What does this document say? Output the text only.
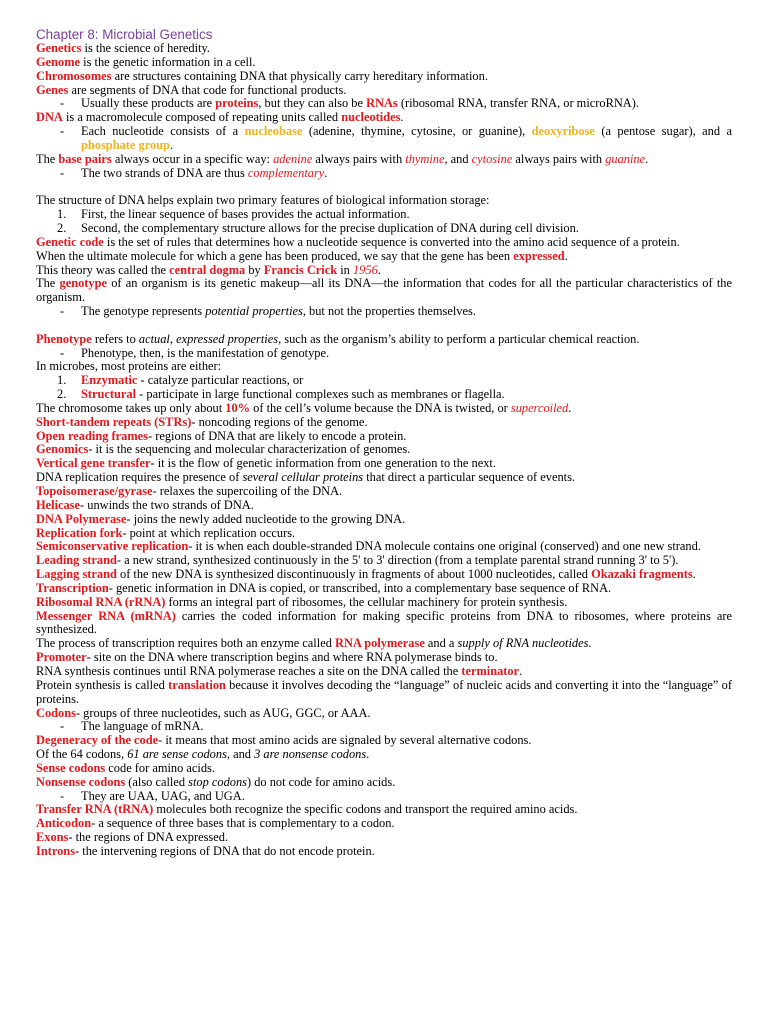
Chapter 8: Microbial Genetics
Genetics is the science of heredity.
Genome is the genetic information in a cell.
Chromosomes are structures containing DNA that physically carry hereditary information.
Genes are segments of DNA that code for functional products.
- Usually these products are proteins, but they can also be RNAs (ribosomal RNA, transfer RNA, or microRNA).
DNA is a macromolecule composed of repeating units called nucleotides.
- Each nucleotide consists of a nucleobase (adenine, thymine, cytosine, or guanine), deoxyribose (a pentose sugar), and a phosphate group.
The base pairs always occur in a specific way: adenine always pairs with thymine, and cytosine always pairs with guanine.
- The two strands of DNA are thus complementary.
The structure of DNA helps explain two primary features of biological information storage:
1. First, the linear sequence of bases provides the actual information.
2. Second, the complementary structure allows for the precise duplication of DNA during cell division.
Genetic code is the set of rules that determines how a nucleotide sequence is converted into the amino acid sequence of a protein.
When the ultimate molecule for which a gene has been produced, we say that the gene has been expressed.
This theory was called the central dogma by Francis Crick in 1956.
The genotype of an organism is its genetic makeup—all its DNA—the information that codes for all the particular characteristics of the organism.
- The genotype represents potential properties, but not the properties themselves.
Phenotype refers to actual, expressed properties, such as the organism’s ability to perform a particular chemical reaction.
- Phenotype, then, is the manifestation of genotype.
In microbes, most proteins are either:
1. Enzymatic - catalyze particular reactions, or
2. Structural - participate in large functional complexes such as membranes or flagella.
The chromosome takes up only about 10% of the cell’s volume because the DNA is twisted, or supercoiled.
Short-tandem repeats (STRs)- noncoding regions of the genome.
Open reading frames- regions of DNA that are likely to encode a protein.
Genomics- it is the sequencing and molecular characterization of genomes.
Vertical gene transfer- it is the flow of genetic information from one generation to the next.
DNA replication requires the presence of several cellular proteins that direct a particular sequence of events.
Topoisomerase/gyrase- relaxes the supercoiling of the DNA.
Helicase- unwinds the two strands of DNA.
DNA Polymerase- joins the newly added nucleotide to the growing DNA.
Replication fork- point at which replication occurs.
Semiconservative replication- it is when each double-stranded DNA molecule contains one original (conserved) and one new strand.
Leading strand- a new strand, synthesized continuously in the 5' to 3' direction (from a template parental strand running 3' to 5').
Lagging strand of the new DNA is synthesized discontinuously in fragments of about 1000 nucleotides, called Okazaki fragments.
Transcription- genetic information in DNA is copied, or transcribed, into a complementary base sequence of RNA.
Ribosomal RNA (rRNA) forms an integral part of ribosomes, the cellular machinery for protein synthesis.
Messenger RNA (mRNA) carries the coded information for making specific proteins from DNA to ribosomes, where proteins are synthesized.
The process of transcription requires both an enzyme called RNA polymerase and a supply of RNA nucleotides.
Promoter- site on the DNA where transcription begins and where RNA polymerase binds to.
RNA synthesis continues until RNA polymerase reaches a site on the DNA called the terminator.
Protein synthesis is called translation because it involves decoding the “language” of nucleic acids and converting it into the “language” of proteins.
Codons- groups of three nucleotides, such as AUG, GGC, or AAA.
- The language of mRNA.
Degeneracy of the code- it means that most amino acids are signaled by several alternative codons.
Of the 64 codons, 61 are sense codons, and 3 are nonsense codons.
Sense codons code for amino acids.
Nonsense codons (also called stop codons) do not code for amino acids.
- They are UAA, UAG, and UGA.
Transfer RNA (tRNA) molecules both recognize the specific codons and transport the required amino acids.
Anticodon- a sequence of three bases that is complementary to a codon.
Exons- the regions of DNA expressed.
Introns- the intervening regions of DNA that do not encode protein.
